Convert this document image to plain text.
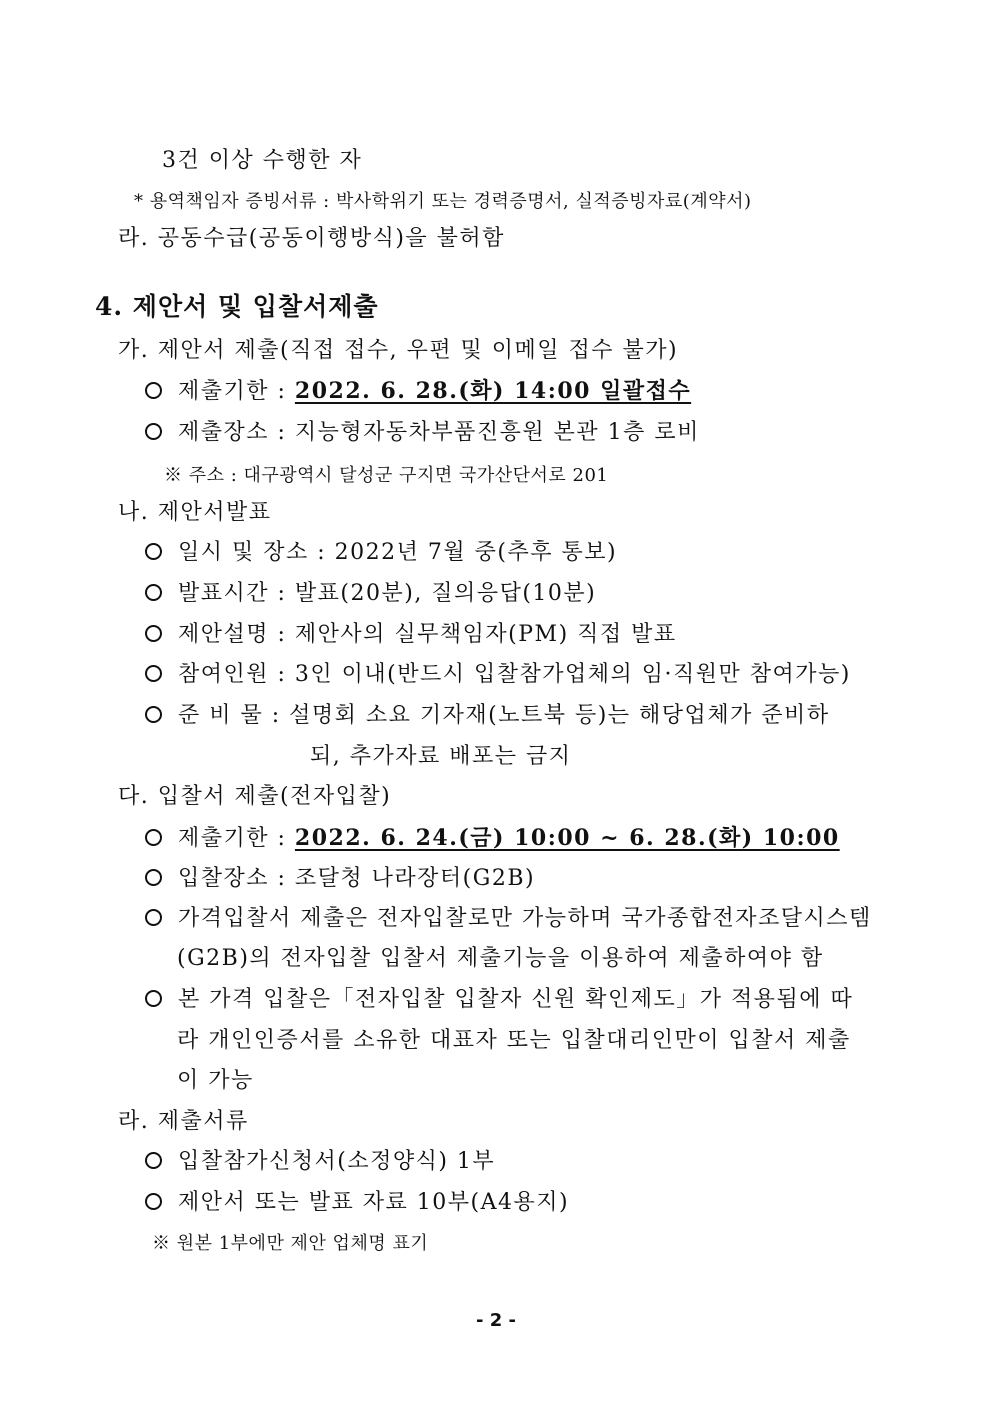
3건 이상 수행한 자
* 용역책임자 증빙서류 : 박사학위기 또는 경력증명서, 실적증빙자료(계약서)
라. 공동수급(공동이행방식)을 불허함
4. 제안서 및 입찰서제출
가. 제안서 제출(직접 접수, 우편 및 이메일 접수 불가)
제출기한 : 2022. 6. 28.(화) 14:00 일괄접수
제출장소 : 지능형자동차부품진흥원 본관 1층 로비
※ 주소 : 대구광역시 달성군 구지면 국가산단서로 201
나. 제안서발표
일시 및 장소 : 2022년 7월 중(추후 통보)
발표시간 : 발표(20분), 질의응답(10분)
제안설명 : 제안사의 실무책임자(PM) 직접 발표
참여인원 : 3인 이내(반드시 입찰참가업체의 임·직원만 참여가능)
준 비 물 : 설명회 소요 기자재(노트북 등)는 해당업체가 준비하
되, 추가자료 배포는 금지
다. 입찰서 제출(전자입찰)
제출기한 : 2022. 6. 24.(금) 10:00 ~ 6. 28.(화) 10:00
입찰장소 : 조달청 나라장터(G2B)
가격입찰서 제출은 전자입찰로만 가능하며 국가종합전자조달시스템
(G2B)의 전자입찰 입찰서 제출기능을 이용하여 제출하여야 함
본 가격 입찰은「전자입찰 입찰자 신원 확인제도」가 적용됨에 따
라 개인인증서를 소유한 대표자 또는 입찰대리인만이 입찰서 제출
이 가능
라. 제출서류
입찰참가신청서(소정양식) 1부
제안서 또는 발표 자료 10부(A4용지)
※ 원본 1부에만 제안 업체명 표기
- 2 -
